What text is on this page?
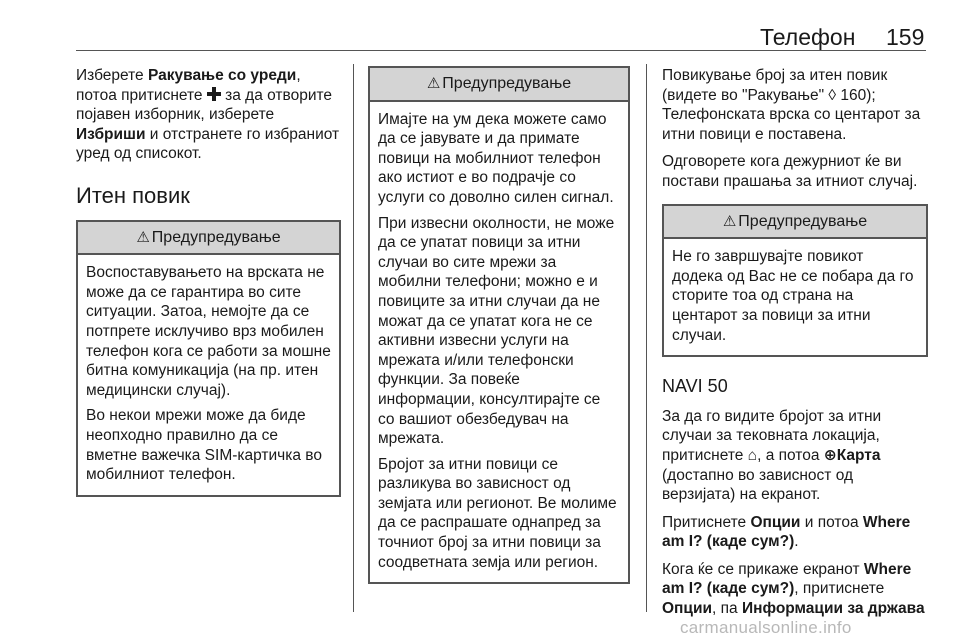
Телефон 159

Изберете Ракување со уреди, потоа притиснете  за да отворите појавен изборник, изберете Избриши и отстранете го избраниот уред од списокот.

Итен повик
⚠ Предупредување

Воспоставувањето на врската не може да се гарантира во сите ситуации. Затоа, немојте да се потпрете исклучиво врз мобилен телефон кога се работи за мошне битна комуникација (на пр. итен медицински случај).

Во некои мрежи може да биде неопходно правилно да се вметне важечка SIM-картичка во мобилниот телефон.

⚠ Предупредување

Имајте на ум дека можете само да се јавувате и да примате повици на мобилниот телефон ако истиот е во подрачје со услуги со доволно силен сигнал.

При извесни околности, не може да се упатат повици за итни случаи во сите мрежи за мобилни телефони; можно е и повиците за итни случаи да не можат да се упатат кога не се активни извесни услуги на мрежата и/или телефонски функции. За повеќе информации, консултирајте се со вашиот обезбедувач на мрежата.

Бројот за итни повици се разликува во зависност од земјата или регионот. Ве молиме да се распрашате однапред за точниот број за итни повици за соодветната земја или регион.

Повикување број за итен повик (видете во "Ракување" ◊ 160); Телефонската врска со центарот за итни повици е поставена.

Одговорете кога дежурниот ќе ви постави прашања за итниот случај.

⚠ Предупредување

Не го завршувајте повикот додека од Вас не се побара да го сторите тоа од страна на центарот за повици за итни случаи.

NAVI 50

За да го видите бројот за итни случаи за тековната локација, притиснете ⌂, а потоа ⊕Карта (достапно во зависност од верзијата) на екранот.

Притиснете Опции и потоа Where am I? (каде сум?).

Кога ќе се прикаже екранот Where am I? (каде сум?), притиснете Опции, па Информации за држава

carmanualsonline.info
